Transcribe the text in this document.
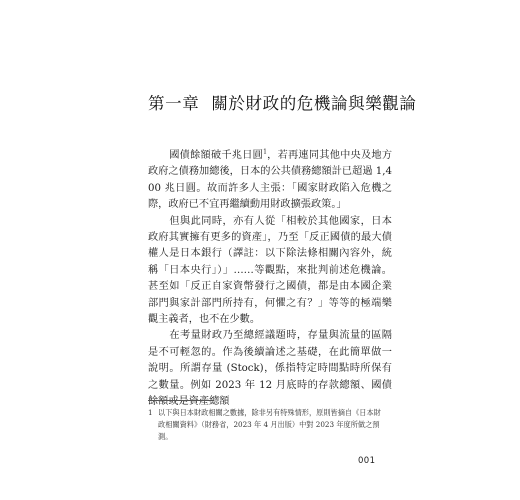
第一章 關於財政的危機論與樂觀論

國債餘額破千兆日圓$^1$，若再連同其他中央及地方政府之債務加總後，日本的公共債務總額計已超過 1,400 兆日圓。故而許多人主張：「國家財政陷入危機之際，政府已不宜再繼續動用財政擴張政策。」

但與此同時，亦有人從「相較於其他國家，日本政府其實擁有更多的資產」，乃至「反正國債的最大債權人是日本銀行（譯註：以下除法條相關內容外，統稱「日本央行」）」……等觀點，來批判前述危機論。甚至如「反正自家資幣發行之國債，都是由本國企業部門與家計部門所持有，何懼之有？」等等的極端樂觀主義者，也不在少數。

在考量財政乃至總經議題時，存量與流量的區隔是不可輕忽的。作為後續論述之基礎，在此簡單做一說明。所謂存量 (Stock)，係指特定時間點時所保有之數量。例如 2023 年 12 月底時的存款總額、國債餘額或是資產總額

1 以下與日本財政相關之數據，除非另有特殊情形，原則皆摘自《日本財政相關資料》（財務省，2023 年 4 月出版）中對 2023 年度所做之預測。
001
